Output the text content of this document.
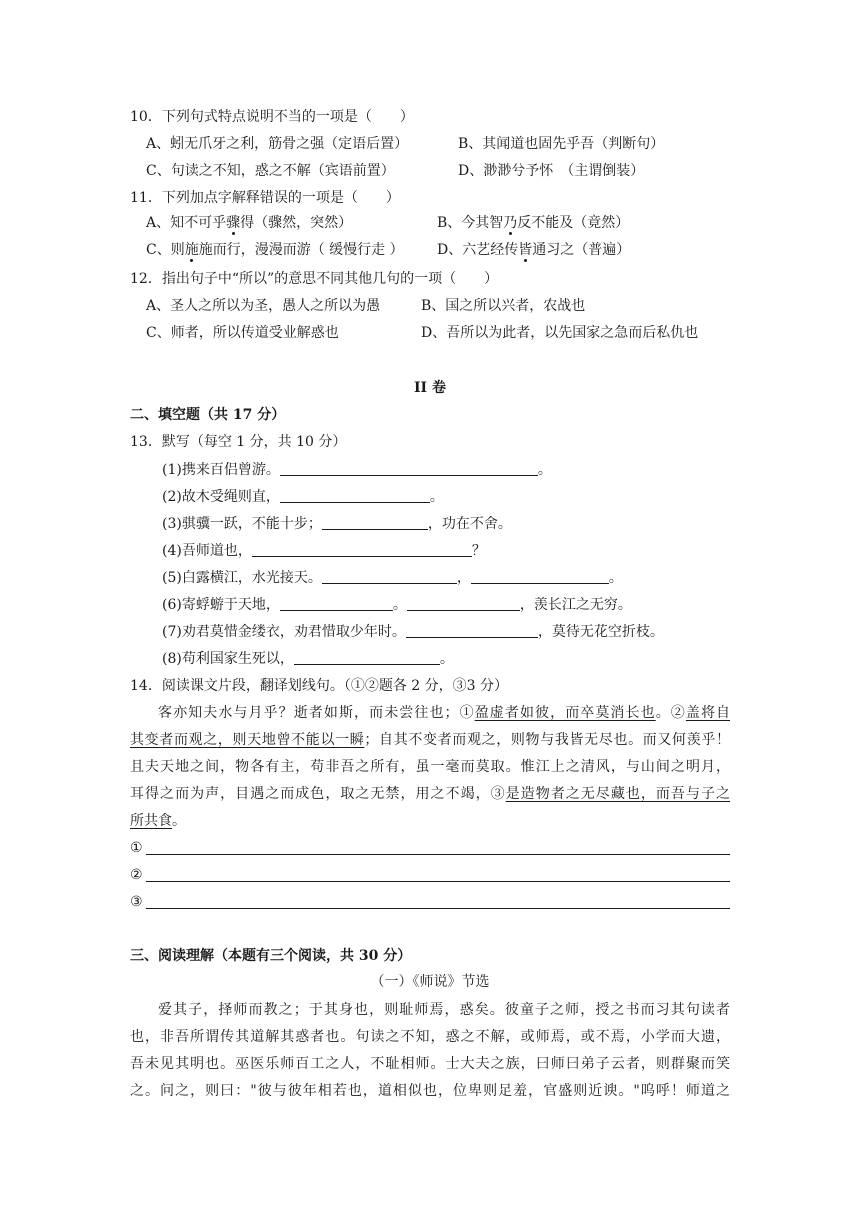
10．下列句式特点说明不当的一项是（　　）
A、蚓无爪牙之利，筋骨之强（定语后置）	B、其闻道也固先乎吾（判断句）
C、句读之不知，惑之不解（宾语前置）	D、渺渺兮予怀　（主谓倒装）
11．下列加点字解释错误的一项是（　　）
A、知不可乎骤得（骤然，突然）	B、今其智乃反不能及（竟然）
C、则施施而行，漫漫而游（ 缓慢行走 ） D、六艺经传皆通习之（普遍）
12．指出句子中“所以”的意思不同其他几句的一项（　　）
A、圣人之所以为圣，愚人之所以为愚	B、国之所以兴者，农战也
C、师者，所以传道受业解惑也	D、吾所以为此者，以先国家之急而后私仇也
II 卷
二、填空题（共 17 分）
13．默写（每空 1 分，共 10 分）
(1)携来百侣曾游。	。
(2)故木受绳则直，	。
(3)骐骥一跃，不能十步；	，功在不舍。
(4)吾师道也，	？
(5)白露横江，水光接天。	，	。
(6)寄蜉蝣于天地，	。	，羡长江之无穷。
(7)劝君莫惜金缕衣，劝君惜取少年时。	，莫待无花空折枝。
(8)苟利国家生死以，	。
14．阅读课文片段，翻译划线句。（①②题各 2 分，③3 分）
客亦知夫水与月乎？逝者如斯，而未尝往也；①盈虚者如彼，而卒莫消长也。②盖将自
其变者而观之，则天地曾不能以一瞬；自其不变者而观之，则物与我皆无尽也。而又何羡乎！
且夫天地之间，物各有主，苟非吾之所有，虽一毫而莫取。惟江上之清风，与山间之明月，
耳得之而为声，目遇之而成色，取之无禁，用之不竭，③是造物者之无尽藏也，而吾与子之
所共食。
①
②
③
三、阅读理解（本题有三个阅读，共 30 分）
（一）《师说》节选
爱其子，择师而教之；于其身也，则耻师焉，惑矣。彼童子之师，授之书而习其句读者
也，非吾所谓传其道解其惑者也。句读之不知，惑之不解，或师焉，或不焉，小学而大遗，
吾未见其明也。巫医乐师百工之人，不耻相师。士大夫之族，曰师曰弟子云者，则群聚而笑
之。问之，则曰："彼与彼年相若也，道相似也，位卑则足羞，官盛则近谀。"呜呼！师道之
